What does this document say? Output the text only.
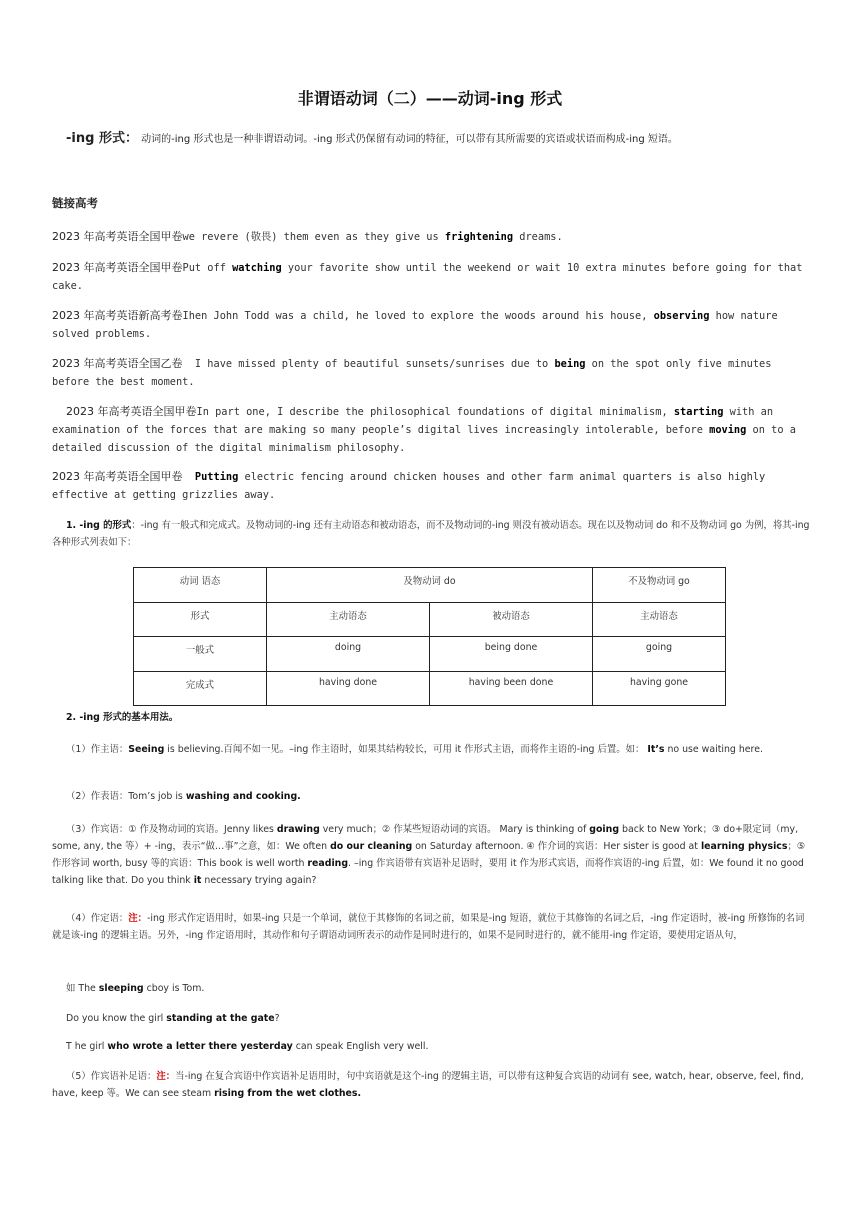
非谓语动词（二）——动词-ing 形式
-ing 形式： 动词的-ing 形式也是一种非谓语动词。-ing 形式仍保留有动词的特征，可以带有其所需要的宾语或状语而构成-ing 短语。
链接高考
2023 年高考英语全国甲卷we revere (敬畏) them even as they give us frightening dreams.
2023 年高考英语全国甲卷Put off watching your favorite show until the weekend or wait 10 extra minutes before going for that cake.
2023 年高考英语新高考卷Ihen John Todd was a child, he loved to explore the woods around his house, observing how nature solved problems.
2023 年高考英语全国乙卷  I have missed plenty of beautiful sunsets/sunrises due to being on the spot only five minutes before the best moment.
2023 年高考英语全国甲卷In part one, I describe the philosophical foundations of digital minimalism, starting with an examination of the forces that are making so many people’s digital lives increasingly intolerable, before moving on to a detailed discussion of the digital minimalism philosophy.
2023 年高考英语全国甲卷 Putting electric fencing around chicken houses and other farm animal quarters is also highly effective at getting grizzlies away.
1. -ing 的形式：-ing 有一般式和完成式。及物动词的-ing 还有主动语态和被动语态，而不及物动词的-ing 则没有被动语态。现在以及物动词 do 和不及物动词 go 为例，将其-ing 各种形式列表如下：
动词 语态	及物动词 do		不及物动词 go
形式	主动语态	被动语态	主动语态
一般式	doing	being done	going
完成式	having done	having been done	having gone
2. -ing 形式的基本用法。
（1）作主语：Seeing is believing.百闻不如一见。–ing 作主语时，如果其结构较长，可用 it 作形式主语，而将作主语的-ing 后置。如： It’s no use waiting here.
（2）作表语：Tom’s job is washing and cooking.
（3）作宾语：① 作及物动词的宾语。Jenny likes drawing very much；② 作某些短语动词的宾语。 Mary is thinking of going back to New York；③ do+限定词（my, some, any, the 等）+ -ing，表示“做…事”之意，如：We often do our cleaning on Saturday afternoon. ④ 作介词的宾语：Her sister is good at learning physics；⑤ 作形容词 worth, busy 等的宾语：This book is well worth reading. –ing 作宾语带有宾语补足语时，要用 it 作为形式宾语，而将作宾语的-ing 后置，如：We found it no good talking like that. Do you think it necessary trying again?
（4）作定语：注：-ing 形式作定语用时，如果-ing 只是一个单词，就位于其修饰的名词之前，如果是-ing 短语，就位于其修饰的名词之后，-ing 作定语时，被-ing 所修饰的名词就是该-ing 的逻辑主语。另外，-ing 作定语用时，其动作和句子谓语动词所表示的动作是同时进行的，如果不是同时进行的，就不能用-ing 作定语，要使用定语从句，
如 The sleeping cboy is Tom.
Do you know the girl standing at the gate?
T he girl who wrote a letter there yesterday can speak English very well.
（5）作宾语补足语：注：当-ing 在复合宾语中作宾语补足语用时，句中宾语就是这个-ing 的逻辑主语，可以带有这种复合宾语的动词有 see, watch, hear, observe, feel, find, have, keep 等。We can see steam rising from the wet clothes.
